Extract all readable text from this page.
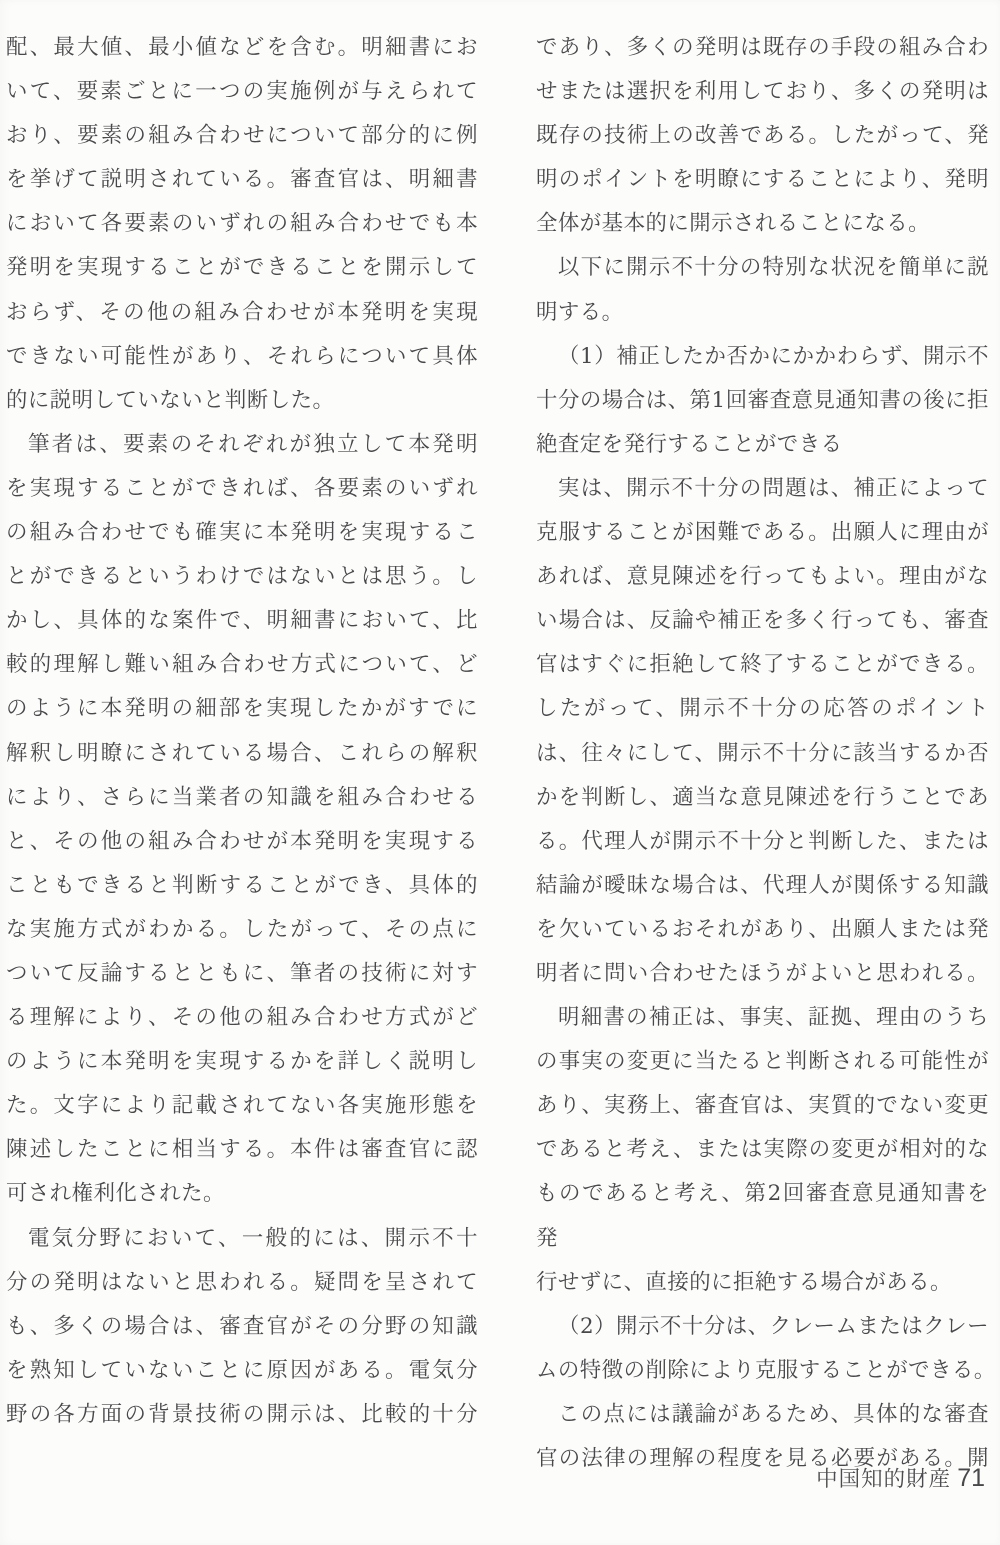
配、最大値、最小値などを含む。明細書にお
いて、要素ごとに一つの実施例が与えられて
おり、要素の組み合わせについて部分的に例
を挙げて説明されている。審査官は、明細書
において各要素のいずれの組み合わせでも本
発明を実現することができることを開示して
おらず、その他の組み合わせが本発明を実現
できない可能性があり、それらについて具体
的に説明していないと判断した。
筆者は、要素のそれぞれが独立して本発明
を実現することができれば、各要素のいずれ
の組み合わせでも確実に本発明を実現するこ
とができるというわけではないとは思う。し
かし、具体的な案件で、明細書において、比
較的理解し難い組み合わせ方式について、ど
のように本発明の細部を実現したかがすでに
解釈し明瞭にされている場合、これらの解釈
により、さらに当業者の知識を組み合わせる
と、その他の組み合わせが本発明を実現する
こともできると判断することができ、具体的
な実施方式がわかる。したがって、その点に
ついて反論するとともに、筆者の技術に対す
る理解により、その他の組み合わせ方式がど
のように本発明を実現するかを詳しく説明し
た。文字により記載されてない各実施形態を
陳述したことに相当する。本件は審査官に認
可され権利化された。
電気分野において、一般的には、開示不十
分の発明はないと思われる。疑問を呈されて
も、多くの場合は、審査官がその分野の知識
を熟知していないことに原因がある。電気分
野の各方面の背景技術の開示は、比較的十分
であり、多くの発明は既存の手段の組み合わ
せまたは選択を利用しており、多くの発明は
既存の技術上の改善である。したがって、発
明のポイントを明瞭にすることにより、発明
全体が基本的に開示されることになる。
以下に開示不十分の特別な状況を簡単に説
明する。
（1）補正したか否かにかかわらず、開示不
十分の場合は、第1回審査意見通知書の後に拒
絶査定を発行することができる
実は、開示不十分の問題は、補正によって
克服することが困難である。出願人に理由が
あれば、意見陳述を行ってもよい。理由がな
い場合は、反論や補正を多く行っても、審査
官はすぐに拒絶して終了することができる。
したがって、開示不十分の応答のポイント
は、往々にして、開示不十分に該当するか否
かを判断し、適当な意見陳述を行うことであ
る。代理人が開示不十分と判断した、または
結論が曖昧な場合は、代理人が関係する知識
を欠いているおそれがあり、出願人または発
明者に問い合わせたほうがよいと思われる。
明細書の補正は、事実、証拠、理由のうち
の事実の変更に当たると判断される可能性が
あり、実務上、審査官は、実質的でない変更
であると考え、または実際の変更が相対的な
ものであると考え、第2回審査意見通知書を発
行せずに、直接的に拒絶する場合がある。
（2）開示不十分は、クレームまたはクレー
ムの特徴の削除により克服することができる。
この点には議論があるため、具体的な審査
官の法律の理解の程度を見る必要がある。開
中国知的財産 71
